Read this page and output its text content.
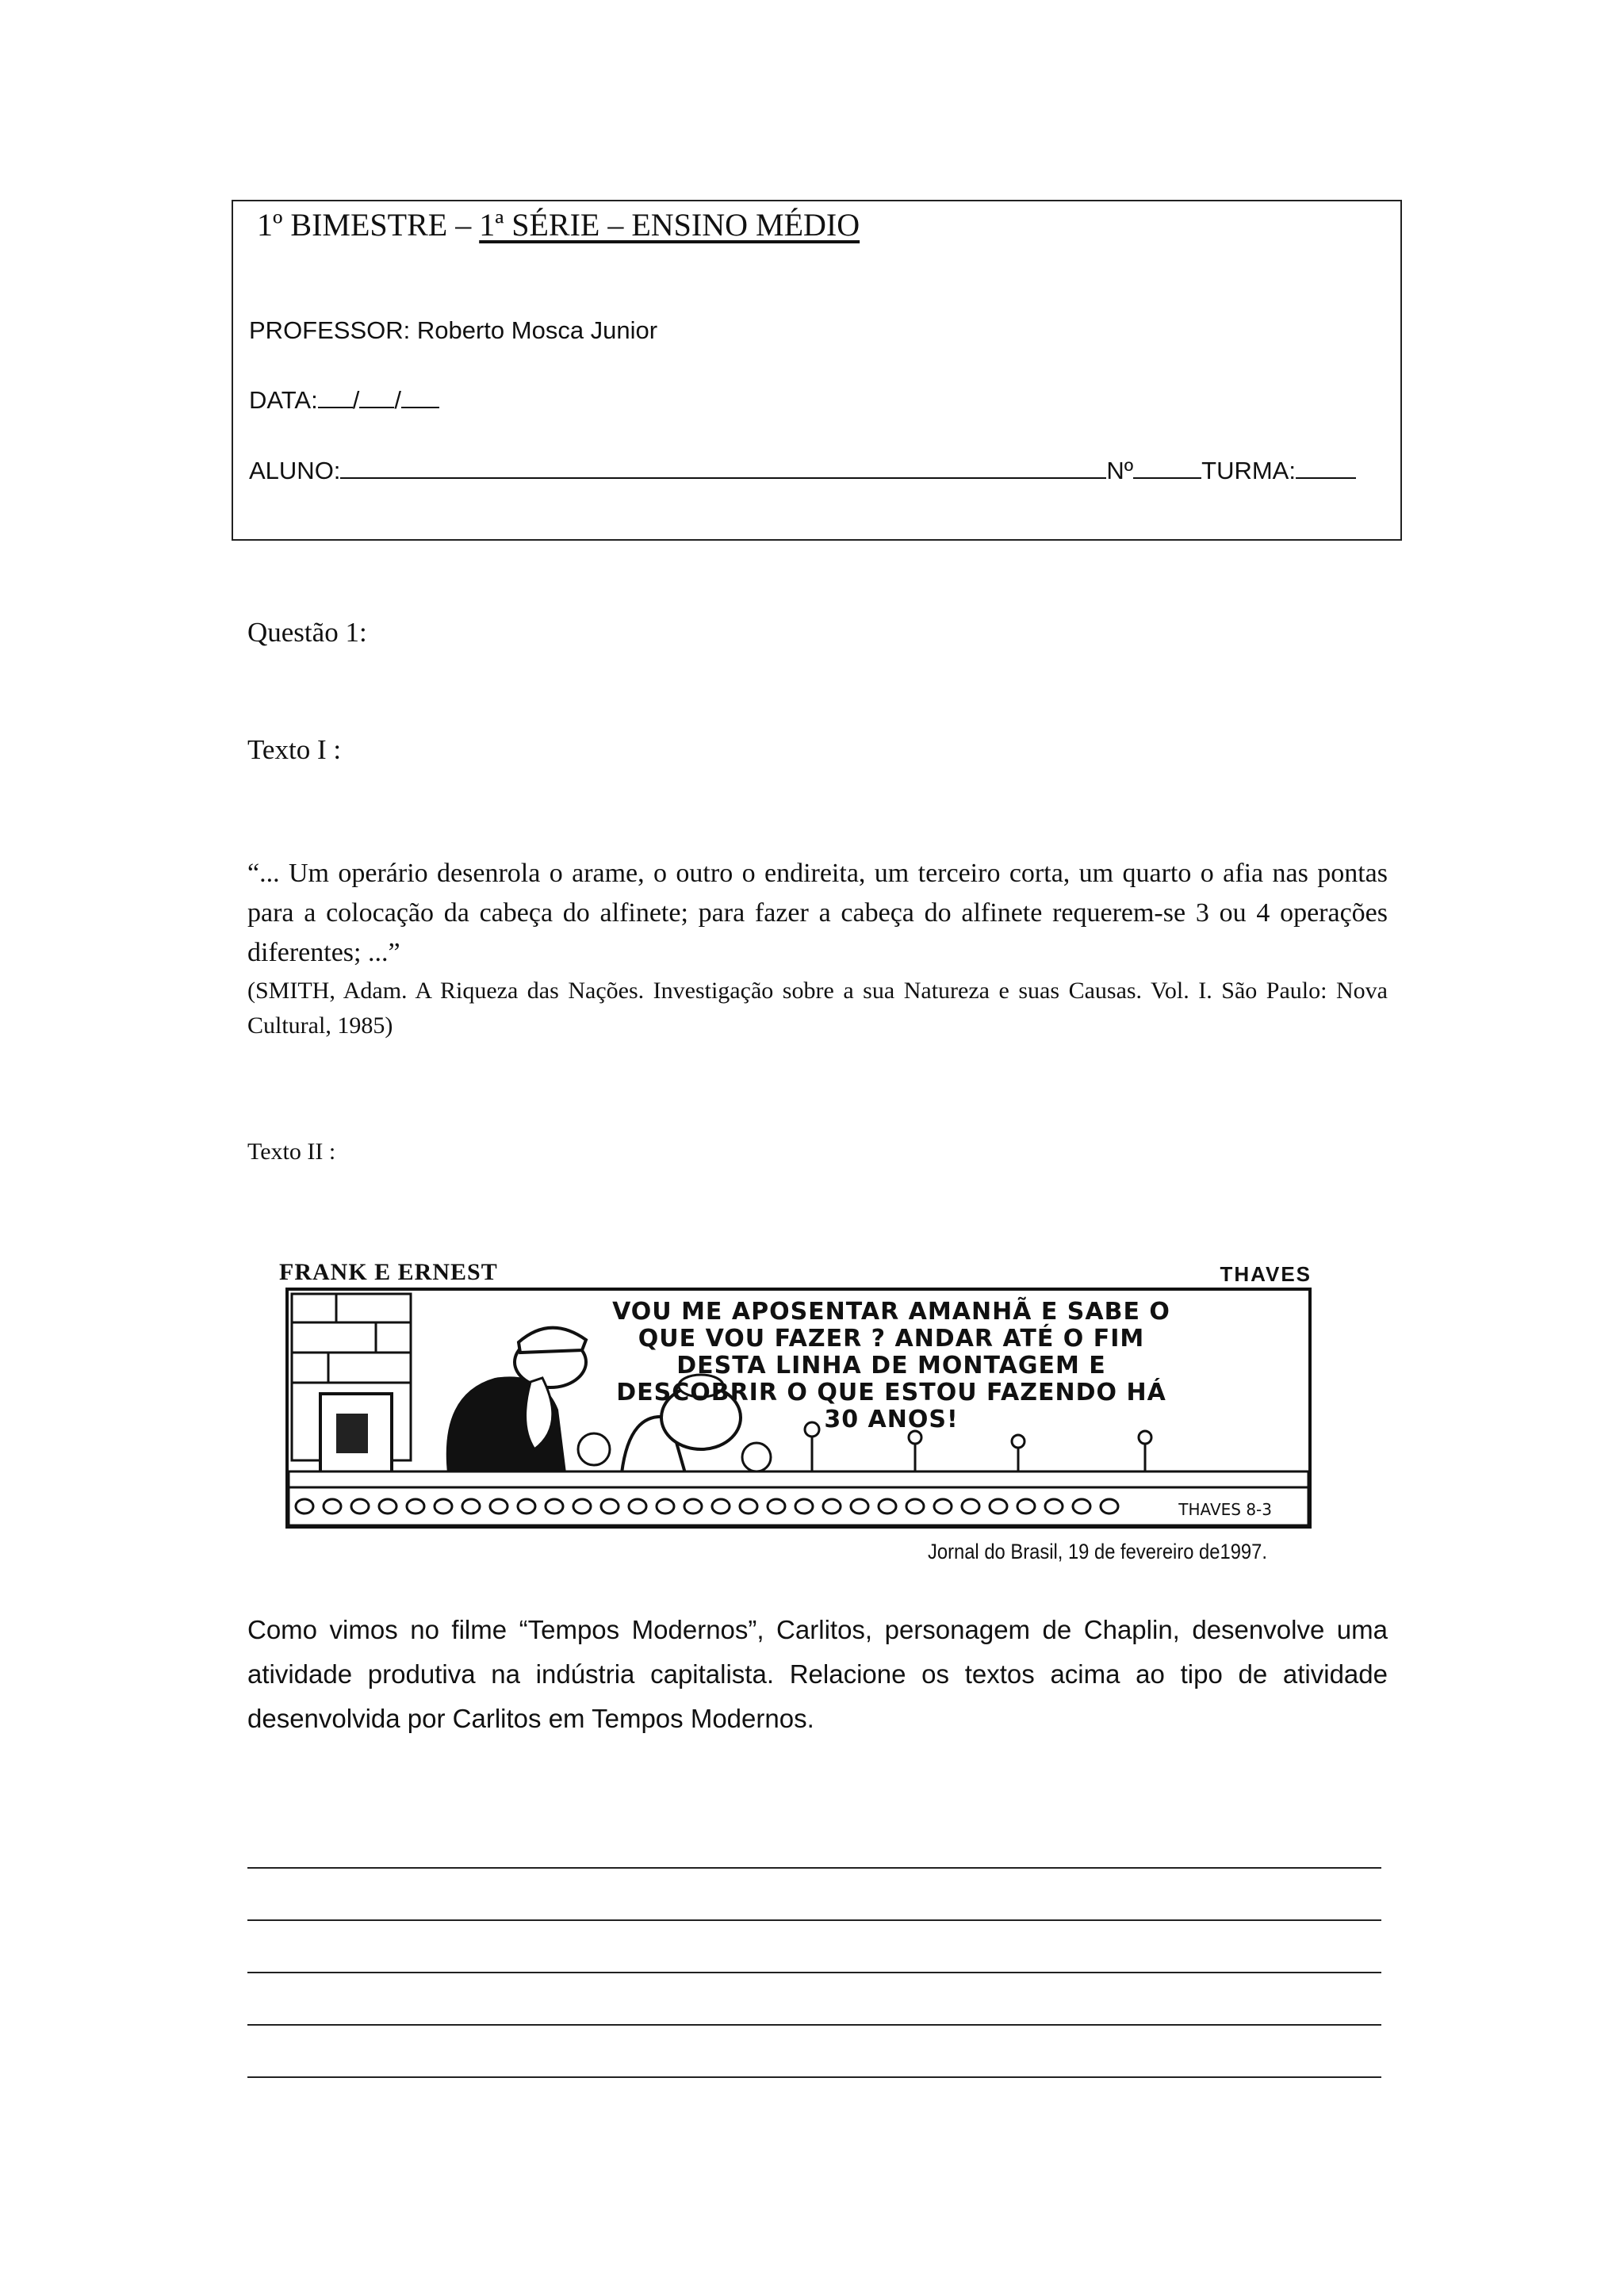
1º BIMESTRE – 1ª SÉRIE – ENSINO MÉDIO
PROFESSOR: Roberto Mosca Junior
DATA: / /
ALUNO:	Nº	TURMA:
Questão 1:
Texto I :
“... Um operário desenrola o arame, o outro o endireita, um terceiro corta, um quarto o afia nas pontas para a colocação da cabeça do alfinete; para fazer a cabeça do alfinete requerem-se 3 ou 4 operações diferentes; ...”
(SMITH, Adam. A Riqueza das Nações. Investigação sobre a sua Natureza e suas Causas. Vol. I. São Paulo: Nova Cultural, 1985)
Texto II :
FRANK E ERNEST	THAVES
VOU ME APOSENTAR AMANHÃ E SABE O QUE VOU FAZER ? ANDAR ATÉ O FIM DESTA LINHA DE MONTAGEM E DESCOBRIR O QUE ESTOU FAZENDO HÁ 30 ANOS!
THAVES 8-3
Jornal do Brasil, 19 de fevereiro de1997.
Como vimos no filme “Tempos Modernos”, Carlitos, personagem de Chaplin, desenvolve uma atividade produtiva na indústria capitalista. Relacione os textos acima ao tipo de atividade desenvolvida por Carlitos em Tempos Modernos.
